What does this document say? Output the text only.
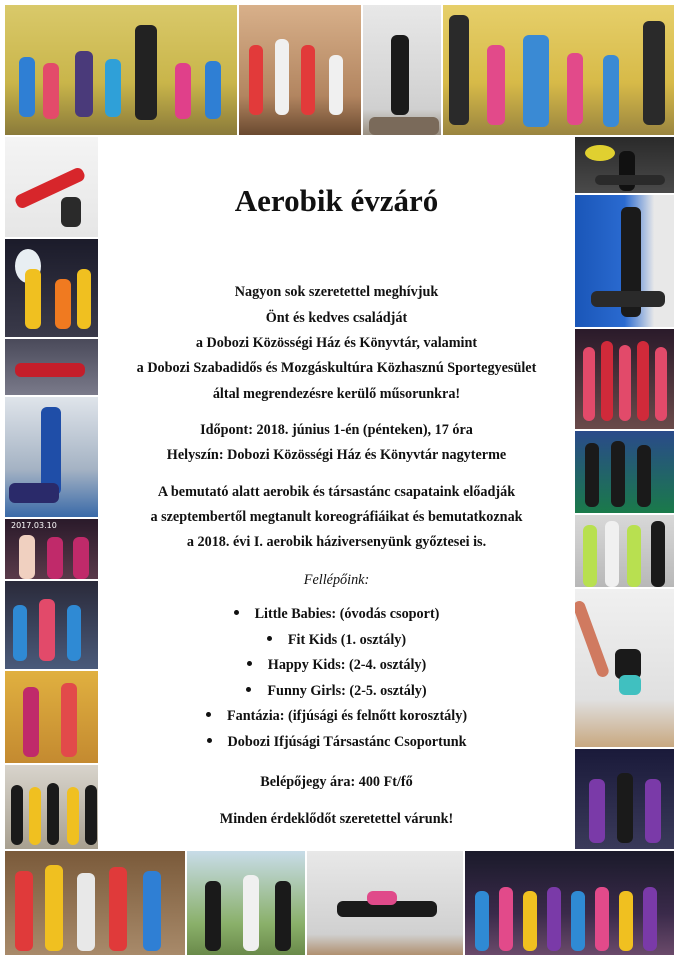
2017.03.10
Aerobik évzáró
Nagyon sok szeretettel meghívjuk
Önt és kedves családját
a Dobozi Közösségi Ház és Könyvtár, valamint
a Dobozi Szabadidős és Mozgáskultúra Közhasznú Sportegyesület
által megrendezésre kerülő műsorunkra!
Időpont: 2018. június 1-én (pénteken), 17 óra
Helyszín: Dobozi Közösségi Ház és Könyvtár nagyterme
A bemutató alatt aerobik és társastánc csapataink előadják
a szeptembertől megtanult koreográfiáikat és bemutatkoznak
a 2018. évi I. aerobik háziversenyünk győztesei is.
Fellépőink:
Little Babies: (óvodás csoport)
Fit Kids (1. osztály)
Happy Kids: (2-4. osztály)
Funny Girls: (2-5. osztály)
Fantázia: (ifjúsági és felnőtt korosztály)
Dobozi Ifjúsági Társastánc Csoportunk
Belépőjegy ára: 400 Ft/fő
Minden érdeklődőt szeretettel várunk!
